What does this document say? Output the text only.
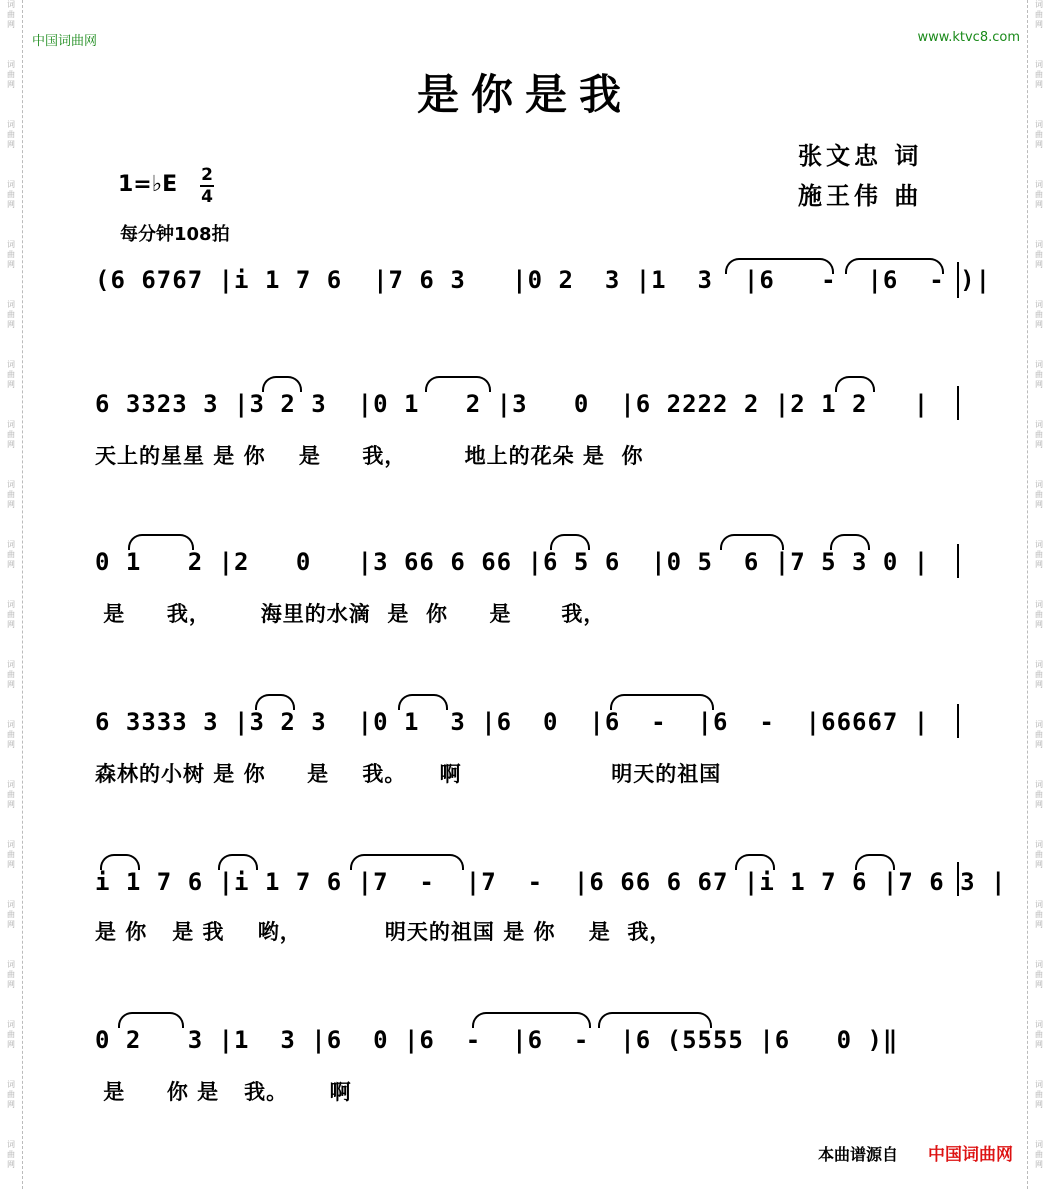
词
曲
网
词
曲
网
词
曲
网
词
曲
网
词
曲
网
词
曲
网
词
曲
网
词
曲
网
词
曲
网
词
曲
网
词
曲
网
词
曲
网
词
曲
网
词
曲
网
词
曲
网
词
曲
网
词
曲
网
词
曲
网
词
曲
网
词
曲
网
词
曲
网
词
曲
网
词
曲
网
词
曲
网
词
曲
网
词
曲
网
词
曲
网
词
曲
网
词
曲
网
词
曲
网
词
曲
网
词
曲
网
词
曲
网
词
曲
网
词
曲
网
词
曲
网
词
曲
网
词
曲
网
词
曲
网
词
曲
网
中国词曲网	www.ktvc8.com
是你是我
张文忠 词
施王伟 曲
1=♭E 2
4
每分钟108拍
(6 6767 |i 1 7 6  |7 6 3   |0 2  3 |1  3  |6   -  |6  - )|
6 3323 3 |3 2 3  |0 1   2 |3   0  |6 2222 2 |2 1 2   |
天上的星星 是 你    是     我，       地上的花朵 是  你
0 1   2 |2   0   |3 66 6 66 |6 5 6  |0 5  6 |7 5 3 0 |
是     我，      海里的水滴  是  你     是      我，
6 3333 3 |3 2 3  |0 1  3 |6  0  |6  -  |6  -  |66667 |
森林的小树 是 你     是    我。    啊                  明天的祖国
i 1 7 6 |i 1 7 6 |7  -  |7  -  |6 66 6 67 |i 1 7 6 |7 6 3 |
是 你   是 我    哟，          明天的祖国 是 你    是  我，
0 2   3 |1  3 |6  0 |6  -  |6  -  |6 (5555 |6   0 )‖
是     你 是   我。     啊
本曲谱源自 中国词曲网
